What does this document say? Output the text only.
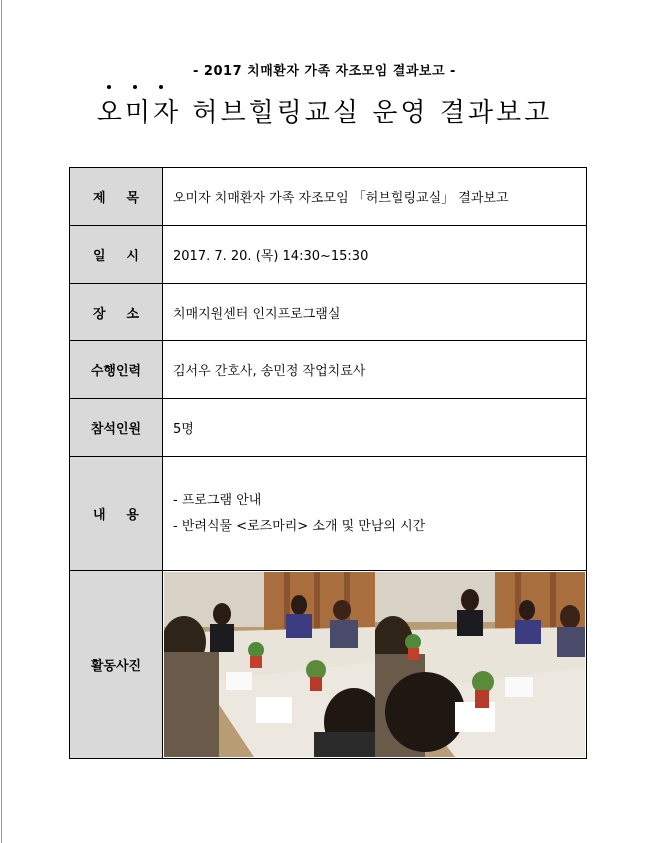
- 2017 치매환자 가족 자조모임 결과보고 -
오미자 허브힐링교실 운영 결과보고
제 목	오미자 치매환자 가족 자조모임 「허브힐링교실」 결과보고
일 시	2017. 7. 20. (목) 14:30~15:30
장 소	치매지원센터 인지프로그램실
수행인력	김서우 간호사, 송민정 작업치료사
참석인원	5명
내 용	- 프로그램 안내
- 반려식물 <로즈마리> 소개 및 만남의 시간

활동사진	
